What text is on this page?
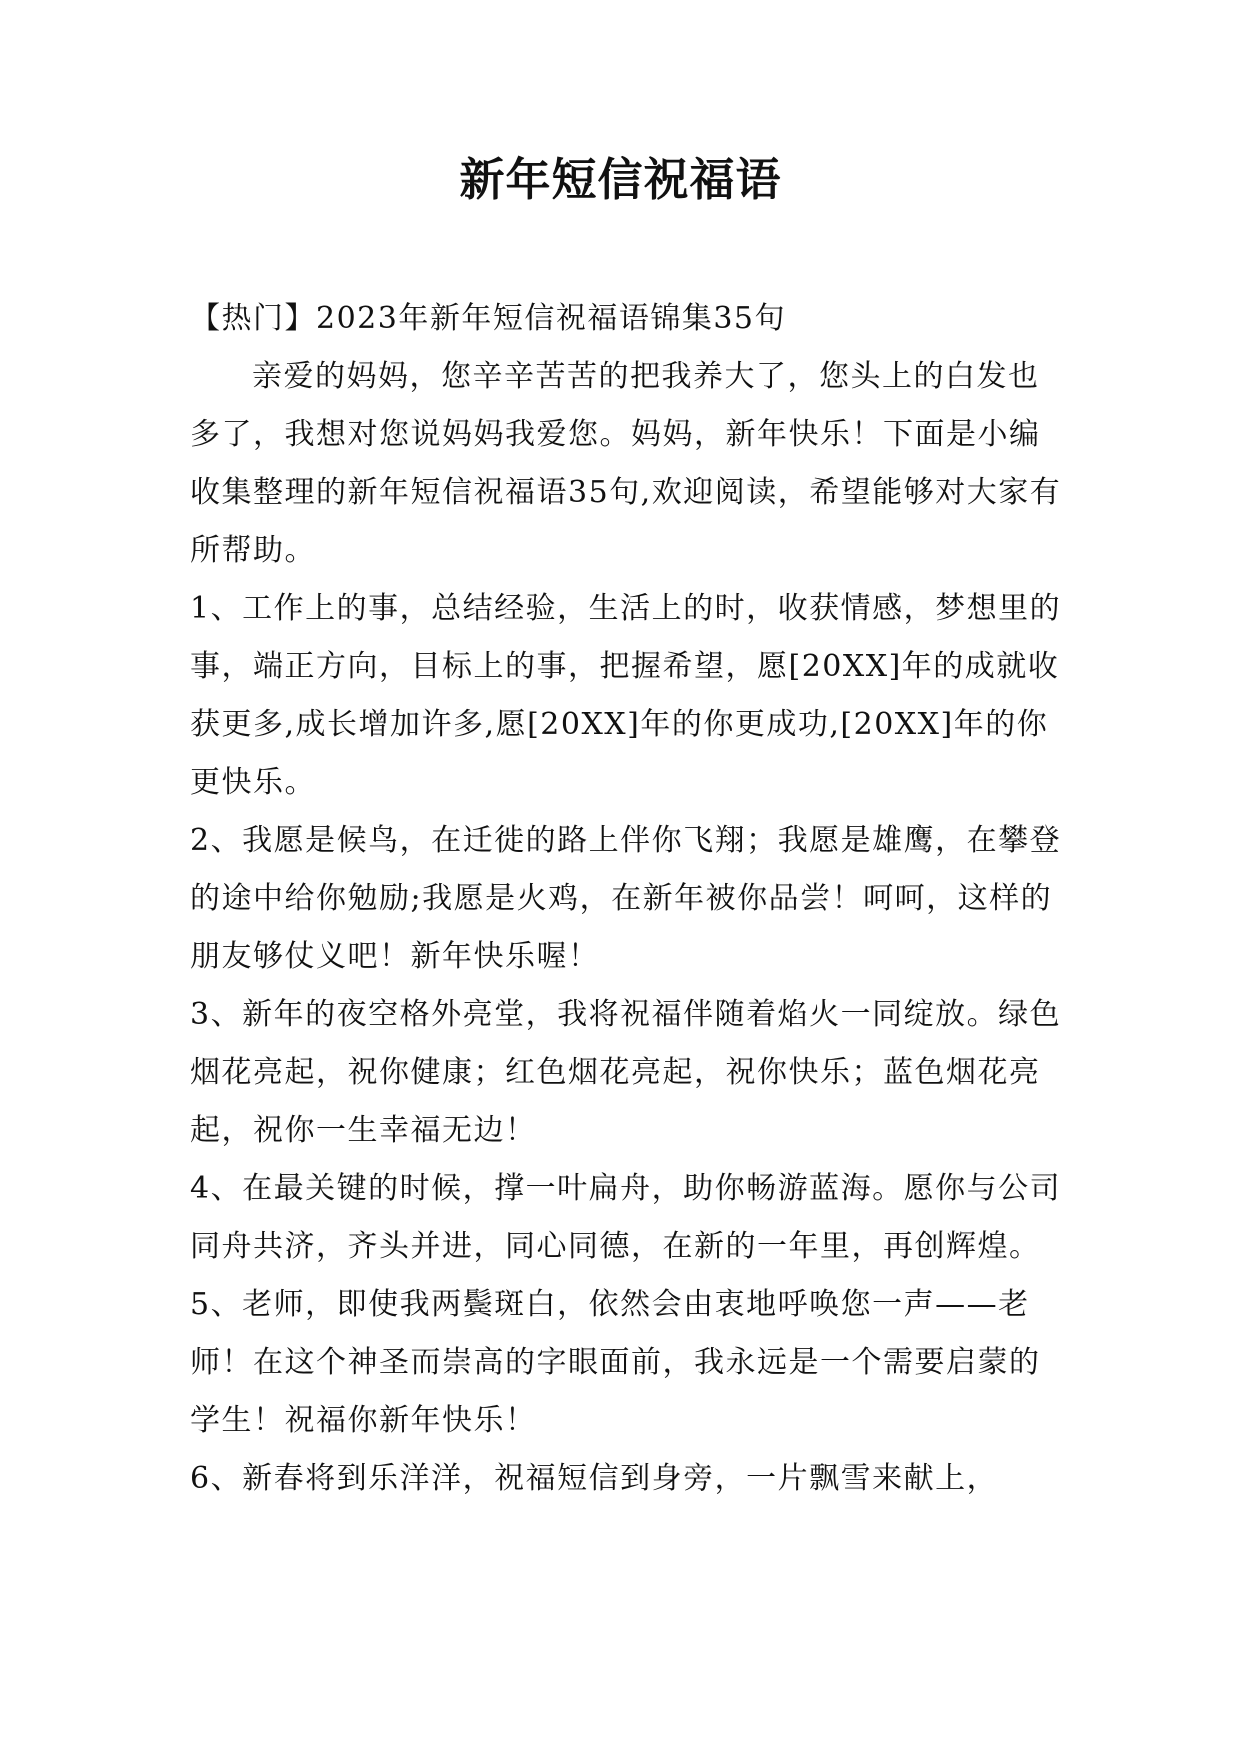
新年短信祝福语

【热门】2023年新年短信祝福语锦集35句

亲爱的妈妈，您辛辛苦苦的把我养大了，您头上的白发也多了，我想对您说妈妈我爱您。妈妈，新年快乐！下面是小编收集整理的新年短信祝福语35句,欢迎阅读，希望能够对大家有所帮助。

1、工作上的事，总结经验，生活上的时，收获情感，梦想里的事，端正方向，目标上的事，把握希望，愿[20XX]年的成就收获更多,成长增加许多,愿[20XX]年的你更成功,[20XX]年的你更快乐。

2、我愿是候鸟，在迁徙的路上伴你飞翔；我愿是雄鹰，在攀登的途中给你勉励;我愿是火鸡，在新年被你品尝！呵呵，这样的朋友够仗义吧！新年快乐喔！

3、新年的夜空格外亮堂，我将祝福伴随着焰火一同绽放。绿色烟花亮起，祝你健康；红色烟花亮起，祝你快乐；蓝色烟花亮起，祝你一生幸福无边！

4、在最关键的时候，撑一叶扁舟，助你畅游蓝海。愿你与公司同舟共济，齐头并进，同心同德，在新的一年里，再创辉煌。

5、老师，即使我两鬓斑白，依然会由衷地呼唤您一声——老师！在这个神圣而崇高的字眼面前，我永远是一个需要启蒙的学生！祝福你新年快乐！

6、新春将到乐洋洋，祝福短信到身旁，一片飘雪来献上，
